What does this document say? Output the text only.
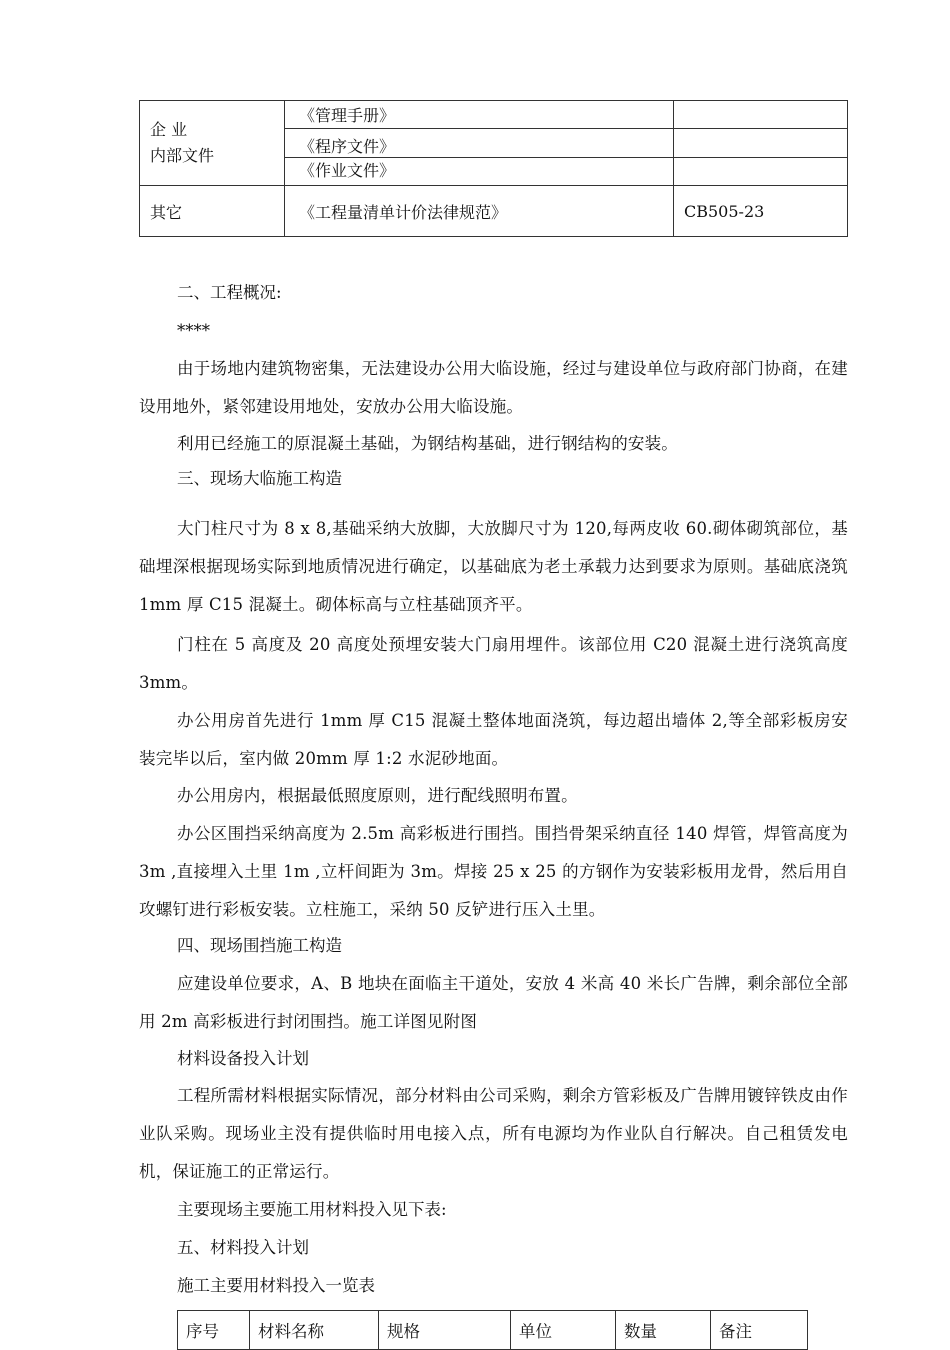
企 业
内部文件	《管理手册》	
	《程序文件》	
	《作业文件》	
其它	《工程量清单计价法律规范》	CB505-23

二、工程概况:

****

由于场地内建筑物密集，无法建设办公用大临设施，经过与建设单位与政府部门协商，在建设用地外，紧邻建设用地处，安放办公用大临设施。

利用已经施工的原混凝土基础，为钢结构基础，进行钢结构的安装。

三、现场大临施工构造

大门柱尺寸为 8 x 8,基础采纳大放脚，大放脚尺寸为 120,每两皮收 60.砌体砌筑部位，基础埋深根据现场实际到地质情况进行确定，以基础底为老土承载力达到要求为原则。基础底浇筑 1mm 厚 C15 混凝土。砌体标高与立柱基础顶齐平。

门柱在 5 高度及 20 高度处预埋安装大门扇用埋件。该部位用 C20 混凝土进行浇筑高度 3mm。

办公用房首先进行 1mm 厚 C15 混凝土整体地面浇筑，每边超出墙体 2,等全部彩板房安装完毕以后，室内做 20mm 厚 1:2 水泥砂地面。

办公用房内，根据最低照度原则，进行配线照明布置。

办公区围挡采纳高度为 2.5m 高彩板进行围挡。围挡骨架采纳直径 140 焊管，焊管高度为 3m ,直接埋入土里 1m ,立杆间距为 3m。焊接 25 x 25 的方钢作为安装彩板用龙骨，然后用自攻螺钉进行彩板安装。立柱施工，采纳 50 反铲进行压入土里。

四、现场围挡施工构造

应建设单位要求，A、B 地块在面临主干道处，安放 4 米高 40 米长广告牌，剩余部位全部用 2m 高彩板进行封闭围挡。施工详图见附图

材料设备投入计划

工程所需材料根据实际情况，部分材料由公司采购，剩余方管彩板及广告牌用镀锌铁皮由作业队采购。现场业主没有提供临时用电接入点，所有电源均为作业队自行解决。自己租赁发电机，保证施工的正常运行。

主要现场主要施工用材料投入见下表:

五、材料投入计划

施工主要用材料投入一览表

序号	材料名称	规格	单位	数量	备注
